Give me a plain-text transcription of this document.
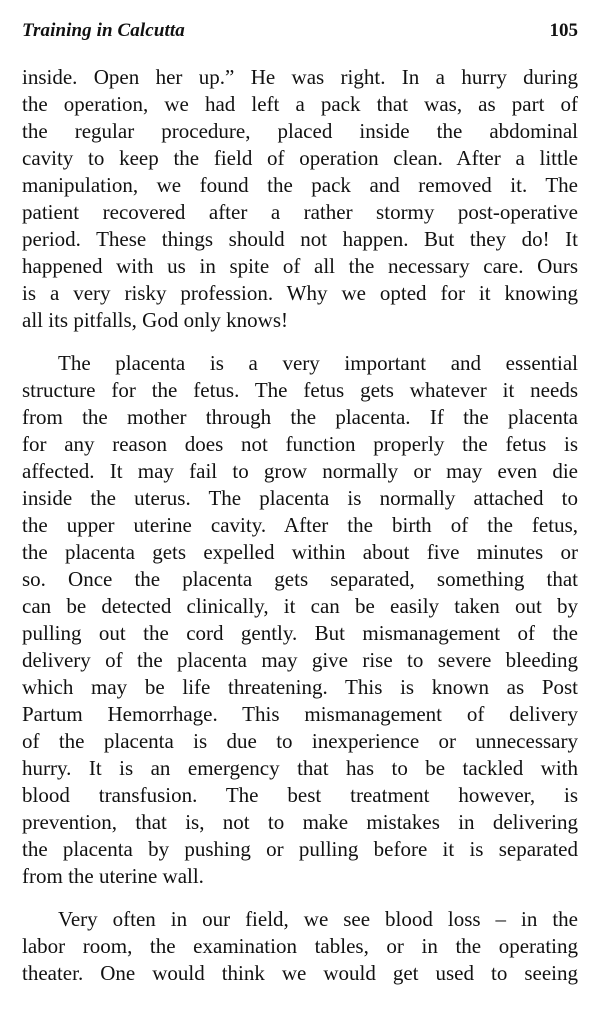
Training in Calcutta	105
inside. Open her up.” He was right. In a hurry during
the operation, we had left a pack that was, as part of
the regular procedure, placed inside the abdominal
cavity to keep the field of operation clean. After a little
manipulation, we found the pack and removed it. The
patient recovered after a rather stormy post-operative
period. These things should not happen. But they do! It
happened with us in spite of all the necessary care. Ours
is a very risky profession. Why we opted for it knowing
all its pitfalls, God only knows!
The placenta is a very important and essential
structure for the fetus. The fetus gets whatever it needs
from the mother through the placenta. If the placenta
for any reason does not function properly the fetus is
affected. It may fail to grow normally or may even die
inside the uterus. The placenta is normally attached to
the upper uterine cavity. After the birth of the fetus,
the placenta gets expelled within about five minutes or
so. Once the placenta gets separated, something that
can be detected clinically, it can be easily taken out by
pulling out the cord gently. But mismanagement of the
delivery of the placenta may give rise to severe bleeding
which may be life threatening. This is known as Post
Partum Hemorrhage. This mismanagement of delivery
of the placenta is due to inexperience or unnecessary
hurry. It is an emergency that has to be tackled with
blood transfusion. The best treatment however, is
prevention, that is, not to make mistakes in delivering
the placenta by pushing or pulling before it is separated
from the uterine wall.
Very often in our field, we see blood loss – in the
labor room, the examination tables, or in the operating
theater. One would think we would get used to seeing
